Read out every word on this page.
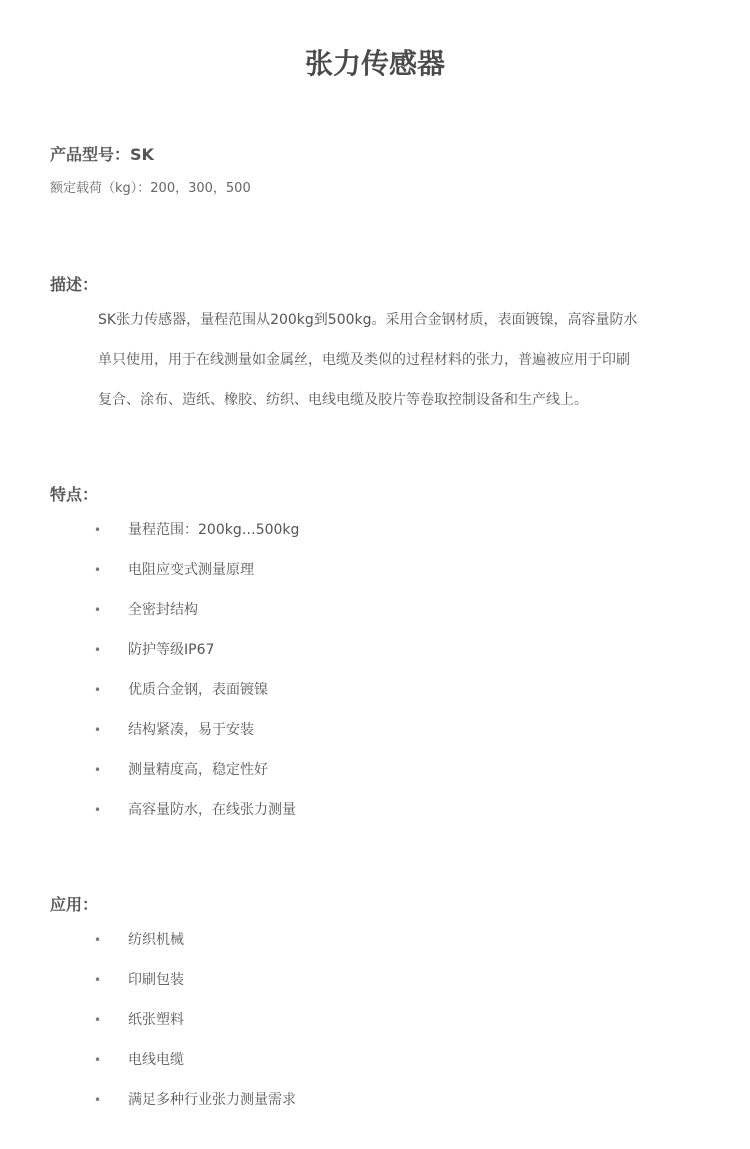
张力传感器
产品型号：SK
额定载荷（kg）：200，300，500
描述：

SK张力传感器，量程范围从200kg到500kg。采用合金钢材质，表面镀镍，高容量防水
单只使用，用于在线测量如金属丝，电缆及类似的过程材料的张力，普遍被应用于印刷
复合、涂布、造纸、橡胶、纺织、电线电缆及胶片等卷取控制设备和生产线上。

特点：
• 量程范围：200kg…500kg
• 电阻应变式测量原理
• 全密封结构
• 防护等级IP67
• 优质合金钢，表面镀镍
• 结构紧凑，易于安装
• 测量精度高，稳定性好
• 高容量防水，在线张力测量
应用：
• 纺织机械
• 印刷包装
• 纸张塑料
• 电线电缆
• 满足多种行业张力测量需求
